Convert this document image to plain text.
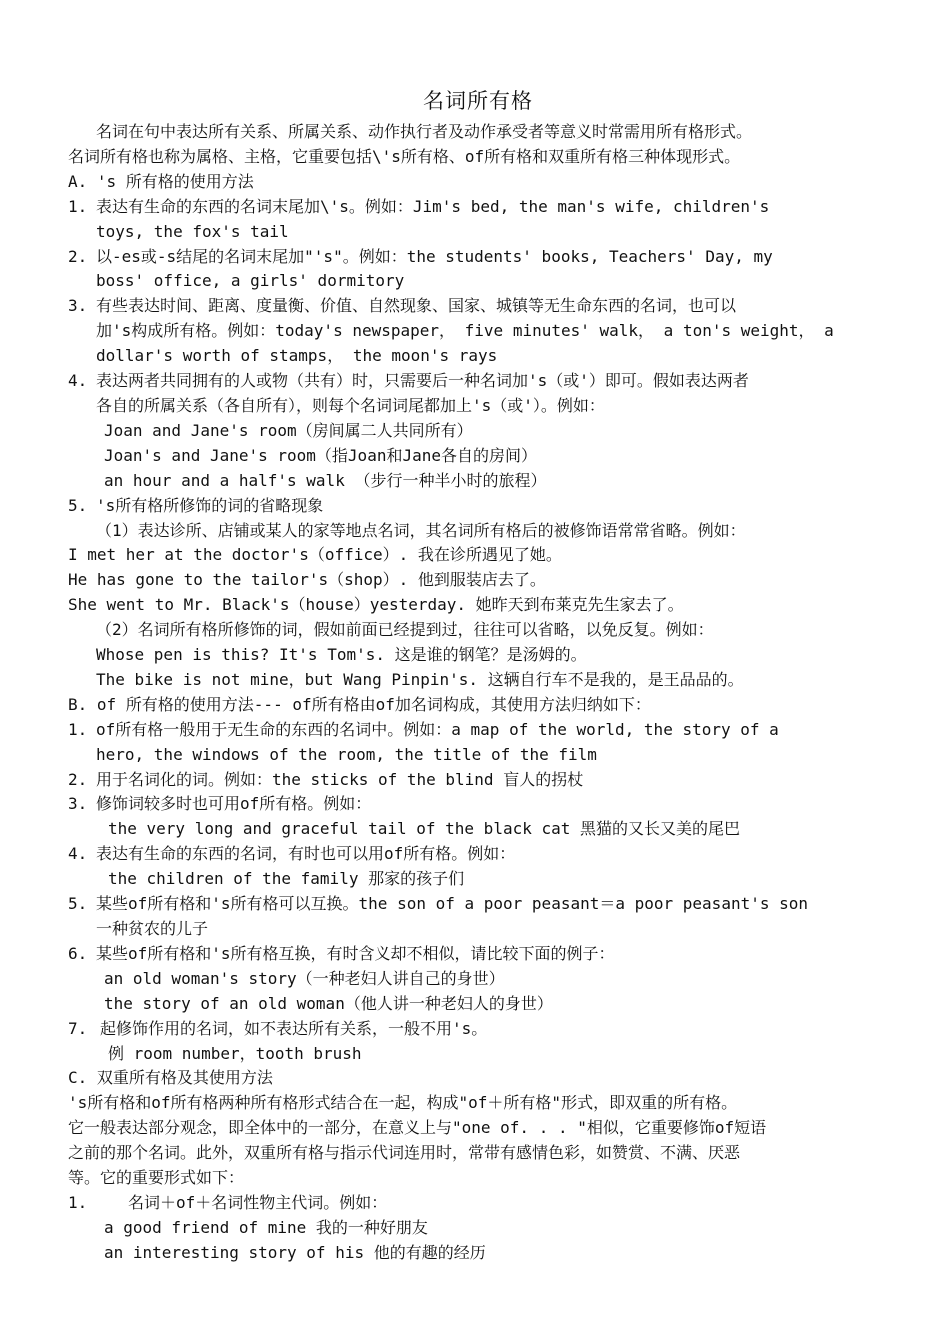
名词所有格
名词在句中表达所有关系、所属关系、动作执行者及动作承受者等意义时常需用所有格形式。
名词所有格也称为属格、主格，它重要包括\'s所有格、of所有格和双重所有格三种体现形式。
A. 's 所有格的使用方法
1. 表达有生命的东西的名词末尾加\'s。例如：Jim's bed, the man's wife, children's
toys, the fox's tail
2. 以-es或-s结尾的名词末尾加"'s"。例如：the students' books, Teachers' Day, my
boss' office, a girls' dormitory
3. 有些表达时间、距离、度量衡、价值、自然现象、国家、城镇等无生命东西的名词，也可以
加's构成所有格。例如：today's newspaper， five minutes' walk， a ton's weight， a
dollar's worth of stamps， the moon's rays
4. 表达两者共同拥有的人或物（共有）时，只需要后一种名词加's（或'）即可。假如表达两者
各自的所属关系（各自所有），则每个名词词尾都加上's（或'）。例如：
Joan and Jane's room（房间属二人共同所有）
Joan's and Jane's room（指Joan和Jane各自的房间）
an hour and a half's walk （步行一种半小时的旅程）
5. 's所有格所修饰的词的省略现象
（1）表达诊所、店铺或某人的家等地点名词，其名词所有格后的被修饰语常常省略。例如：
I met her at the doctor's（office）. 我在诊所遇见了她。
He has gone to the tailor's（shop）. 他到服装店去了。
She went to Mr. Black's（house）yesterday. 她昨天到布莱克先生家去了。
（2）名词所有格所修饰的词，假如前面已经提到过，往往可以省略，以免反复。例如：
Whose pen is this? It's Tom's. 这是谁的钢笔？是汤姆的。
The bike is not mine，but Wang Pinpin's. 这辆自行车不是我的，是王品品的。
B. of 所有格的使用方法--- of所有格由of加名词构成，其使用方法归纳如下：
1. of所有格一般用于无生命的东西的名词中。例如：a map of the world, the story of a
hero, the windows of the room, the title of the film
2. 用于名词化的词。例如：the sticks of the blind 盲人的拐杖
3. 修饰词较多时也可用of所有格。例如：
the very long and graceful tail of the black cat 黑猫的又长又美的尾巴
4. 表达有生命的东西的名词，有时也可以用of所有格。例如：
the children of the family 那家的孩子们
5. 某些of所有格和's所有格可以互换。the son of a poor peasant＝a poor peasant's son
一种贫农的儿子
6. 某些of所有格和's所有格互换，有时含义却不相似，请比较下面的例子：
an old woman's story（一种老妇人讲自己的身世）
the story of an old woman（他人讲一种老妇人的身世）
7. 起修饰作用的名词，如不表达所有关系，一般不用's。
例 room number，tooth brush
C. 双重所有格及其使用方法
's所有格和of所有格两种所有格形式结合在一起，构成"of＋所有格"形式，即双重的所有格。
它一般表达部分观念，即全体中的一部分，在意义上与"one of. . . "相似，它重要修饰of短语
之前的那个名词。此外，双重所有格与指示代词连用时，常带有感情色彩，如赞赏、不满、厌恶
等。它的重要形式如下：
1.	名词＋of＋名词性物主代词。例如：
a good friend of mine 我的一种好朋友
an interesting story of his 他的有趣的经历
